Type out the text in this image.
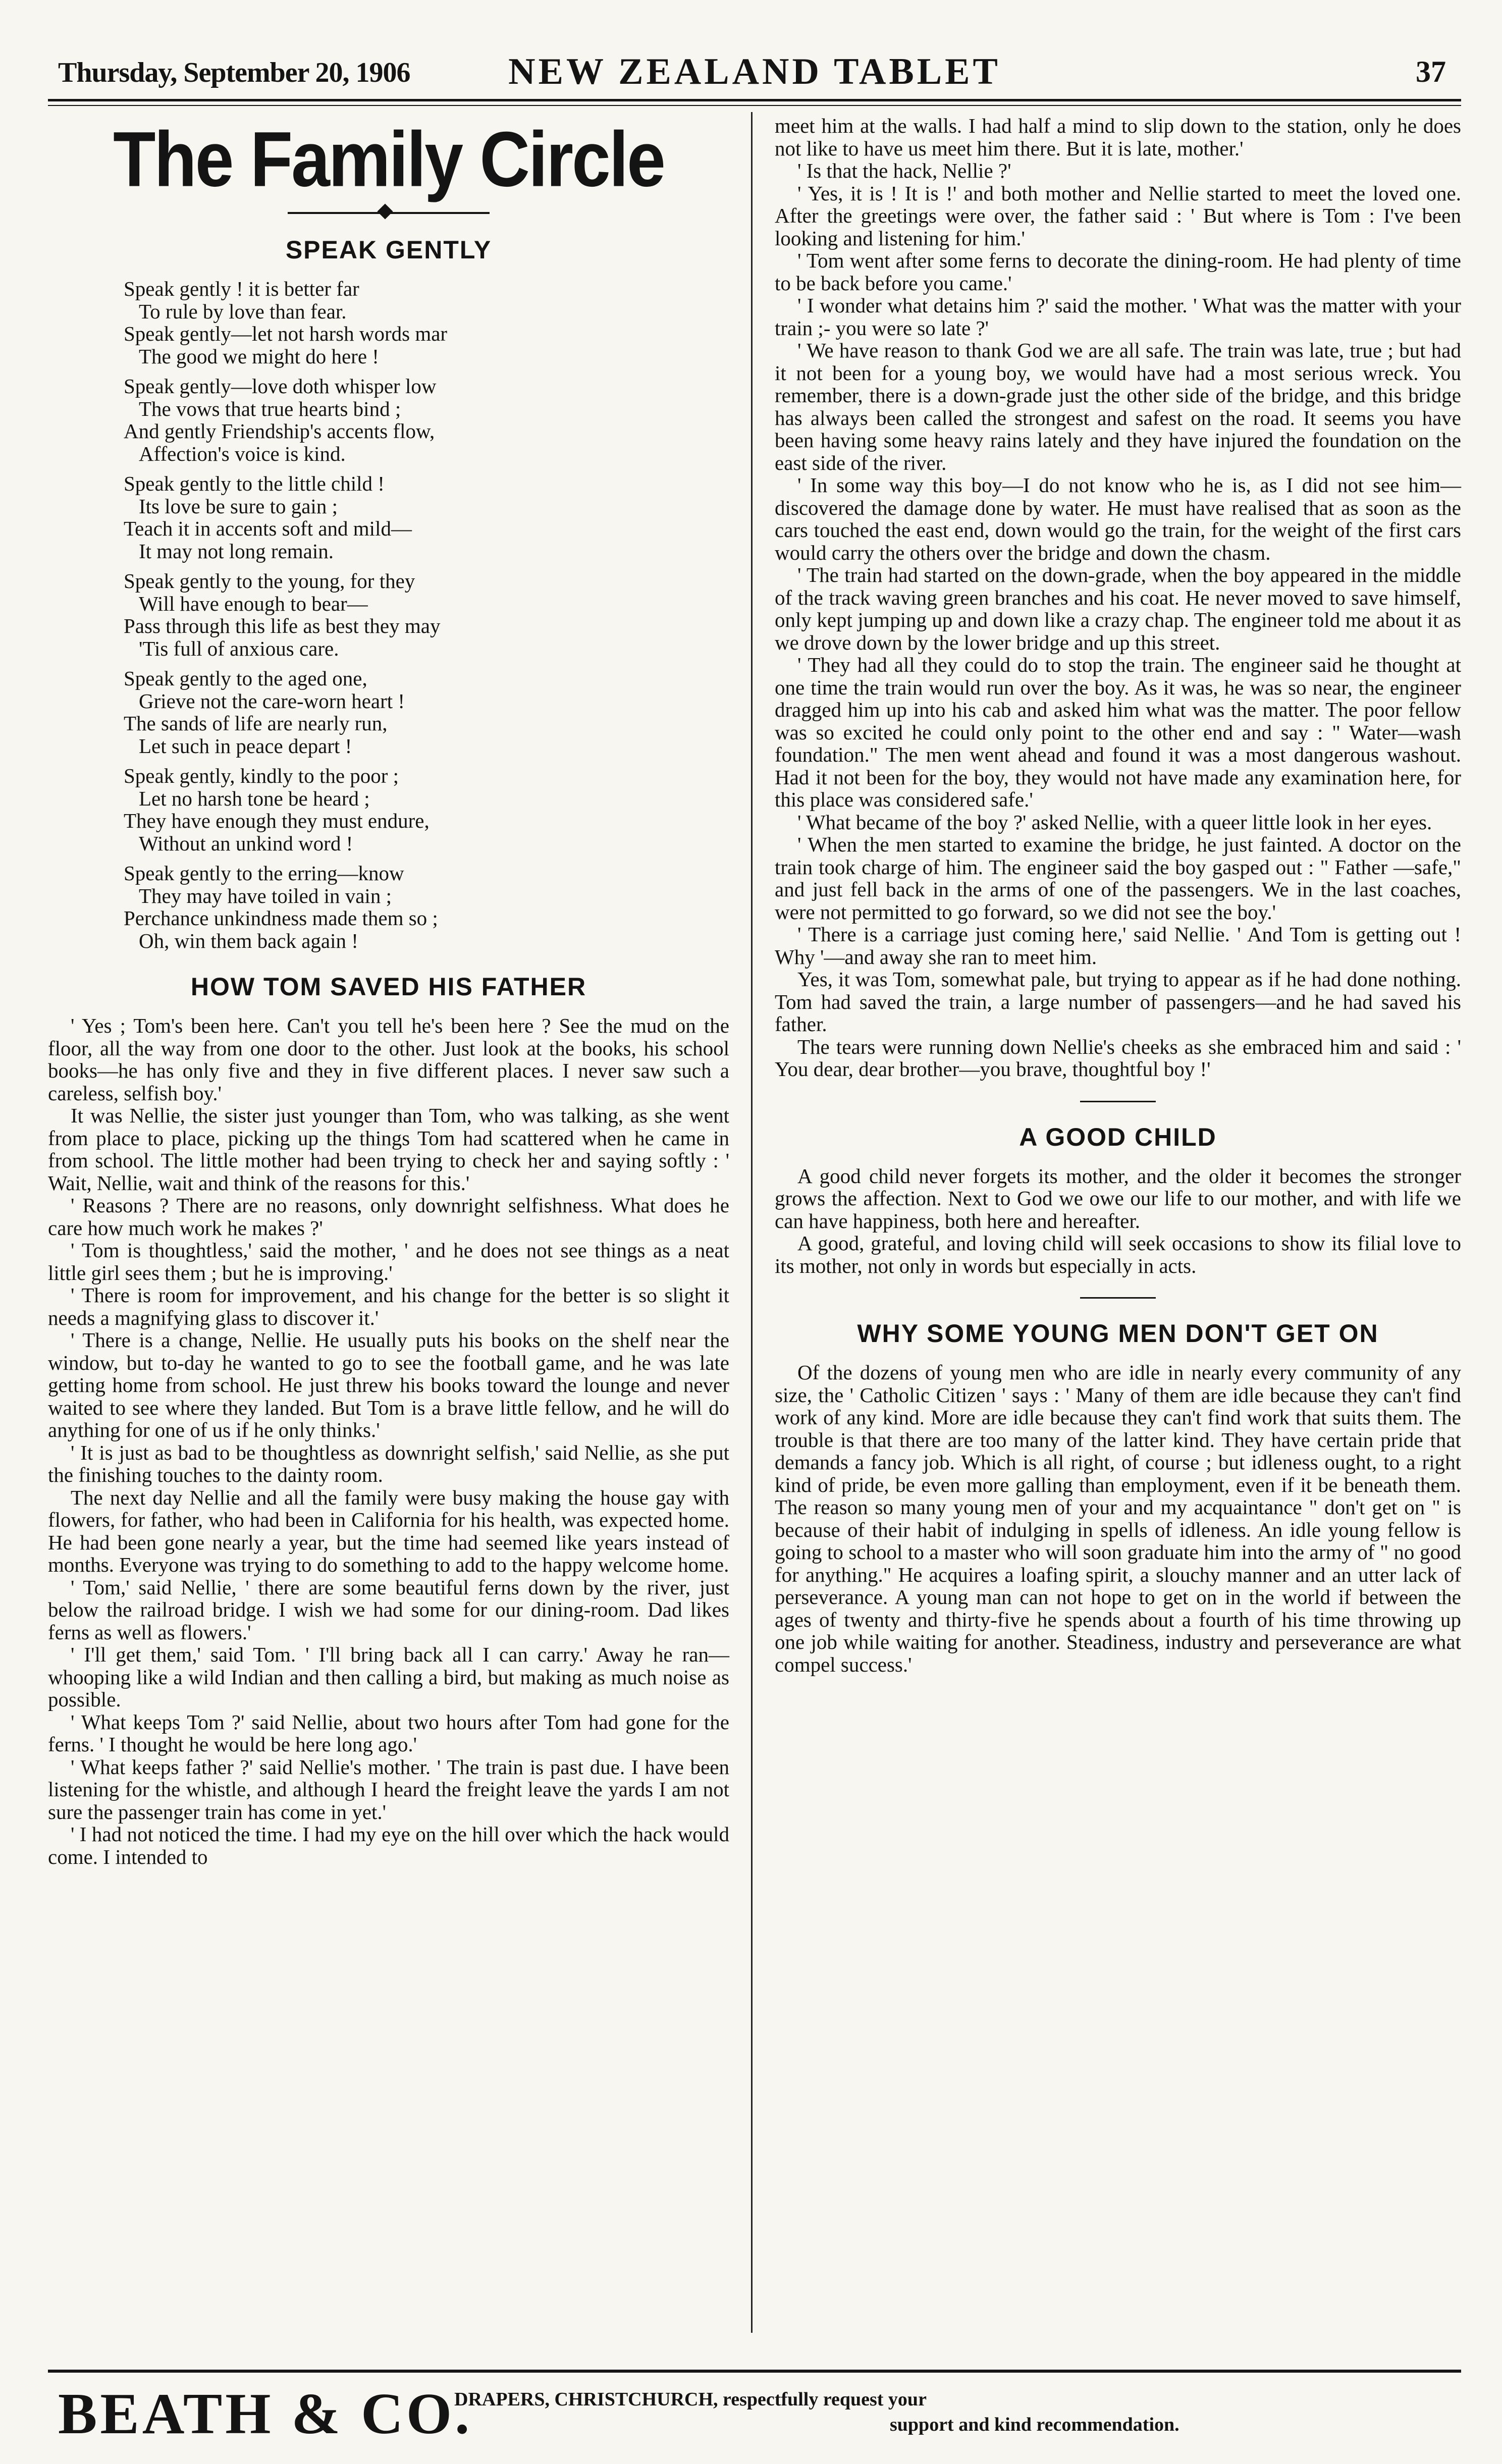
Thursday, September 20, 1906	NEW ZEALAND TABLET	37
The Family Circle
SPEAK GENTLY
Speak gently ! it is better far
To rule by love than fear.
Speak gently—let not harsh words mar
The good we might do here !
Speak gently—love doth whisper low
The vows that true hearts bind ;
And gently Friendship's accents flow,
Affection's voice is kind.
Speak gently to the little child !
Its love be sure to gain ;
Teach it in accents soft and mild—
It may not long remain.
Speak gently to the young, for they
Will have enough to bear—
Pass through this life as best they may
'Tis full of anxious care.
Speak gently to the aged one,
Grieve not the care-worn heart !
The sands of life are nearly run,
Let such in peace depart !
Speak gently, kindly to the poor ;
Let no harsh tone be heard ;
They have enough they must endure,
Without an unkind word !
Speak gently to the erring—know
They may have toiled in vain ;
Perchance unkindness made them so ;
Oh, win them back again !
HOW TOM SAVED HIS FATHER

' Yes ; Tom's been here. Can't you tell he's been here ? See the mud on the floor, all the way from one door to the other. Just look at the books, his school books—he has only five and they in five different places. I never saw such a careless, selfish boy.'

It was Nellie, the sister just younger than Tom, who was talking, as she went from place to place, picking up the things Tom had scattered when he came in from school. The little mother had been trying to check her and saying softly : ' Wait, Nellie, wait and think of the reasons for this.'

' Reasons ? There are no reasons, only downright selfishness. What does he care how much work he makes ?'

' Tom is thoughtless,' said the mother, ' and he does not see things as a neat little girl sees them ; but he is improving.'

' There is room for improvement, and his change for the better is so slight it needs a magnifying glass to discover it.'

' There is a change, Nellie. He usually puts his books on the shelf near the window, but to-day he wanted to go to see the football game, and he was late getting home from school. He just threw his books toward the lounge and never waited to see where they landed. But Tom is a brave little fellow, and he will do anything for one of us if he only thinks.'

' It is just as bad to be thoughtless as downright selfish,' said Nellie, as she put the finishing touches to the dainty room.

The next day Nellie and all the family were busy making the house gay with flowers, for father, who had been in California for his health, was expected home. He had been gone nearly a year, but the time had seemed like years instead of months. Everyone was trying to do something to add to the happy welcome home.

' Tom,' said Nellie, ' there are some beautiful ferns down by the river, just below the railroad bridge. I wish we had some for our dining-room. Dad likes ferns as well as flowers.'

' I'll get them,' said Tom. ' I'll bring back all I can carry.' Away he ran—whooping like a wild Indian and then calling a bird, but making as much noise as possible.

' What keeps Tom ?' said Nellie, about two hours after Tom had gone for the ferns. ' I thought he would be here long ago.'

' What keeps father ?' said Nellie's mother. ' The train is past due. I have been listening for the whistle, and although I heard the freight leave the yards I am not sure the passenger train has come in yet.'

' I had not noticed the time. I had my eye on the hill over which the hack would come. I intended to

meet him at the walls. I had half a mind to slip down to the station, only he does not like to have us meet him there. But it is late, mother.'

' Is that the hack, Nellie ?'

' Yes, it is ! It is !' and both mother and Nellie started to meet the loved one. After the greetings were over, the father said : ' But where is Tom : I've been looking and listening for him.'

' Tom went after some ferns to decorate the dining-room. He had plenty of time to be back before you came.'

' I wonder what detains him ?' said the mother. ' What was the matter with your train ;- you were so late ?'

' We have reason to thank God we are all safe. The train was late, true ; but had it not been for a young boy, we would have had a most serious wreck. You remember, there is a down-grade just the other side of the bridge, and this bridge has always been called the strongest and safest on the road. It seems you have been having some heavy rains lately and they have injured the foundation on the east side of the river.

' In some way this boy—I do not know who he is, as I did not see him—discovered the damage done by water. He must have realised that as soon as the cars touched the east end, down would go the train, for the weight of the first cars would carry the others over the bridge and down the chasm.

' The train had started on the down-grade, when the boy appeared in the middle of the track waving green branches and his coat. He never moved to save himself, only kept jumping up and down like a crazy chap. The engineer told me about it as we drove down by the lower bridge and up this street.

' They had all they could do to stop the train. The engineer said he thought at one time the train would run over the boy. As it was, he was so near, the engineer dragged him up into his cab and asked him what was the matter. The poor fellow was so excited he could only point to the other end and say : " Water—wash foundation." The men went ahead and found it was a most dangerous washout. Had it not been for the boy, they would not have made any examination here, for this place was considered safe.'

' What became of the boy ?' asked Nellie, with a queer little look in her eyes.

' When the men started to examine the bridge, he just fainted. A doctor on the train took charge of him. The engineer said the boy gasped out : " Father —safe," and just fell back in the arms of one of the passengers. We in the last coaches, were not permitted to go forward, so we did not see the boy.'

' There is a carriage just coming here,' said Nellie. ' And Tom is getting out ! Why '—and away she ran to meet him.

Yes, it was Tom, somewhat pale, but trying to appear as if he had done nothing. Tom had saved the train, a large number of passengers—and he had saved his father.

The tears were running down Nellie's cheeks as she embraced him and said : ' You dear, dear brother—you brave, thoughtful boy !'

A GOOD CHILD

A good child never forgets its mother, and the older it becomes the stronger grows the affection. Next to God we owe our life to our mother, and with life we can have happiness, both here and hereafter.

A good, grateful, and loving child will seek occasions to show its filial love to its mother, not only in words but especially in acts.

WHY SOME YOUNG MEN DON'T GET ON

Of the dozens of young men who are idle in nearly every community of any size, the ' Catholic Citizen ' says : ' Many of them are idle because they can't find work of any kind. More are idle because they can't find work that suits them. The trouble is that there are too many of the latter kind. They have certain pride that demands a fancy job. Which is all right, of course ; but idleness ought, to a right kind of pride, be even more galling than employment, even if it be beneath them. The reason so many young men of your and my acquaintance " don't get on " is because of their habit of indulging in spells of idleness. An idle young fellow is going to school to a master who will soon graduate him into the army of " no good for anything." He acquires a loafing spirit, a slouchy manner and an utter lack of perseverance. A young man can not hope to get on in the world if between the ages of twenty and thirty-five he spends about a fourth of his time throwing up one job while waiting for another. Steadiness, industry and perseverance are what compel success.'

BEATH & CO.
DRAPERS, CHRISTCHURCH, respectfully request your
support and kind recommendation.
